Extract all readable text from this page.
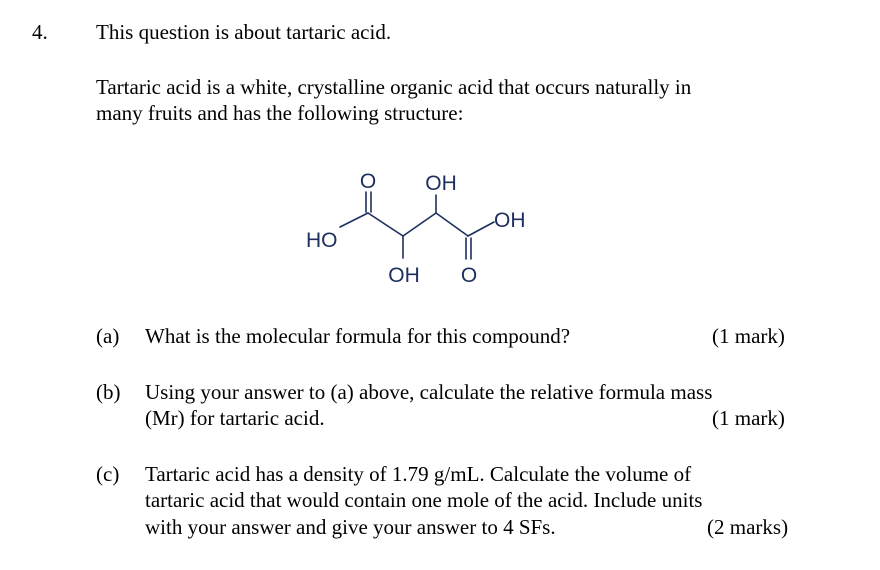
4. This question is about tartaric acid.
Tartaric acid is a white, crystalline organic acid that occurs naturally in
many fruits and has the following structure:
O OH
OH
HO
OH O
(a) What is the molecular formula for this compound?	(1 mark)
(b) Using your answer to (a) above, calculate the relative formula mass
(Mr) for tartaric acid.	(1 mark)
(c) Tartaric acid has a density of 1.79 g/mL. Calculate the volume of
tartaric acid that would contain one mole of the acid. Include units
with your answer and give your answer to 4 SFs.	(2 marks)
